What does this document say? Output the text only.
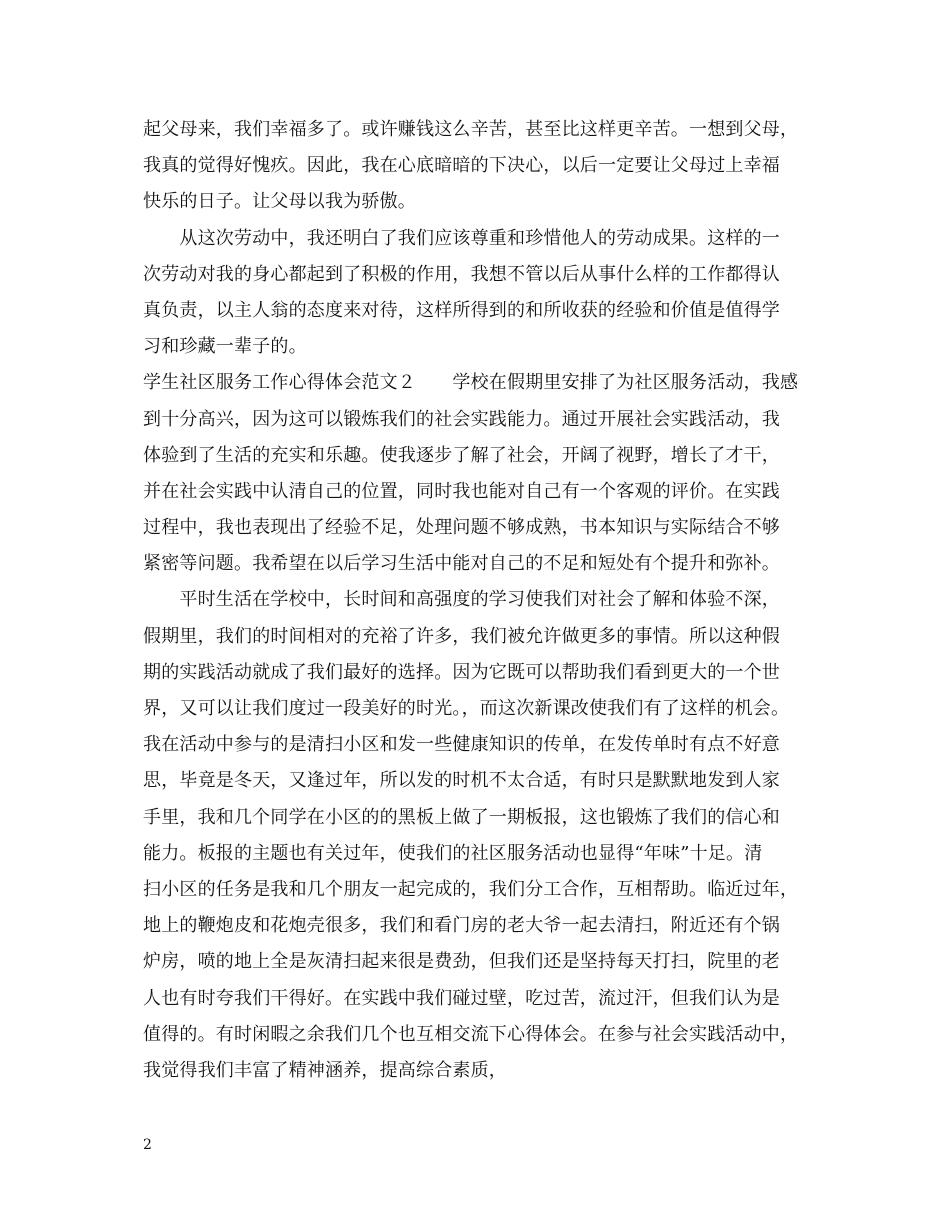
起父母来，我们幸福多了。或许赚钱这么辛苦，甚至比这样更辛苦。一想到父母，
我真的觉得好愧疚。因此，我在心底暗暗的下决心，以后一定要让父母过上幸福
快乐的日子。让父母以我为骄傲。
　　从这次劳动中，我还明白了我们应该尊重和珍惜他人的劳动成果。这样的一
次劳动对我的身心都起到了积极的作用，我想不管以后从事什么样的工作都得认
真负责，以主人翁的态度来对待，这样所得到的和所收获的经验和价值是值得学
习和珍藏一辈子的。
学生社区服务工作心得体会范文２　　学校在假期里安排了为社区服务活动，我感
到十分高兴，因为这可以锻炼我们的社会实践能力。通过开展社会实践活动，我
体验到了生活的充实和乐趣。使我逐步了解了社会，开阔了视野，增长了才干，
并在社会实践中认清自己的位置，同时我也能对自己有一个客观的评价。在实践
过程中，我也表现出了经验不足，处理问题不够成熟，书本知识与实际结合不够
紧密等问题。我希望在以后学习生活中能对自己的不足和短处有个提升和弥补。
　　平时生活在学校中，长时间和高强度的学习使我们对社会了解和体验不深，
假期里，我们的时间相对的充裕了许多，我们被允许做更多的事情。所以这种假
期的实践活动就成了我们最好的选择。因为它既可以帮助我们看到更大的一个世
界，又可以让我们度过一段美好的时光。，而这次新课改使我们有了这样的机会。
我在活动中参与的是清扫小区和发一些健康知识的传单，在发传单时有点不好意
思，毕竟是冬天，又逢过年，所以发的时机不太合适，有时只是默默地发到人家
手里，我和几个同学在小区的的黑板上做了一期板报，这也锻炼了我们的信心和
能力。板报的主题也有关过年，使我们的社区服务活动也显得“年味”十足。清
扫小区的任务是我和几个朋友一起完成的，我们分工合作，互相帮助。临近过年，
地上的鞭炮皮和花炮壳很多，我们和看门房的老大爷一起去清扫，附近还有个锅
炉房，喷的地上全是灰清扫起来很是费劲，但我们还是坚持每天打扫，院里的老
人也有时夸我们干得好。在实践中我们碰过壁，吃过苦，流过汗，但我们认为是
值得的。有时闲暇之余我们几个也互相交流下心得体会。在参与社会实践活动中，
我觉得我们丰富了精神涵养，提高综合素质，
2
